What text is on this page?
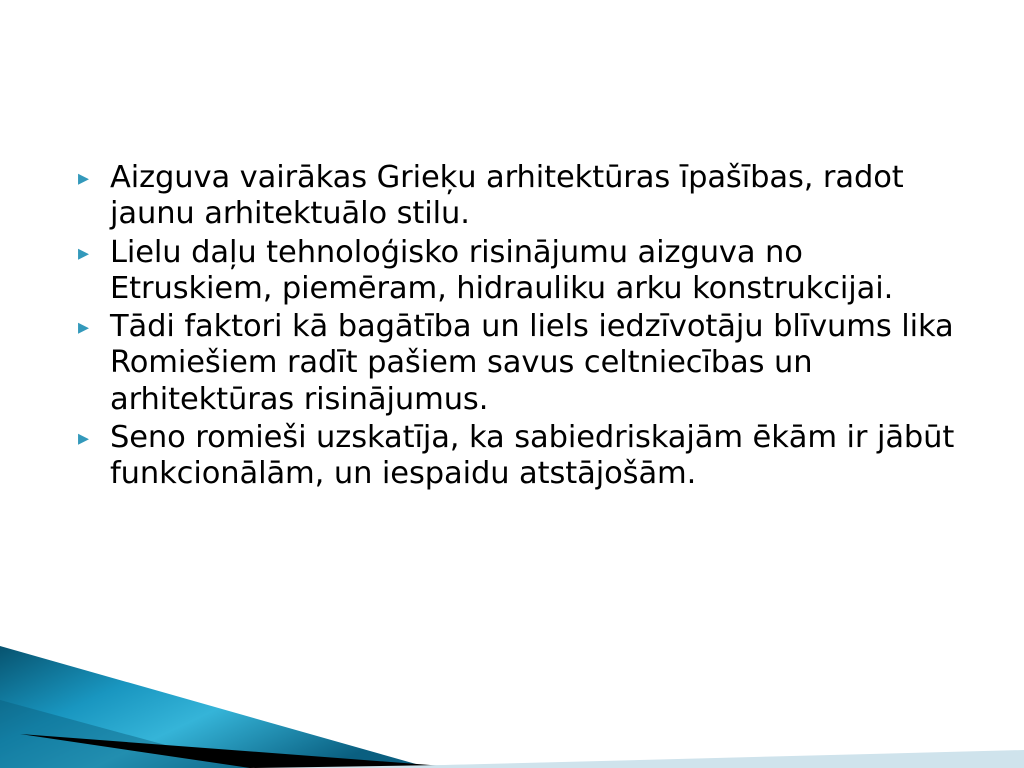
▸ Aizguva vairākas Grieķu arhitektūras īpašības, radot jaunu arhitektuālo stilu.
▸ Lielu daļu tehnoloģisko risinājumu aizguva no Etruskiem, piemēram, hidrauliku arku konstrukcijai.
▸ Tādi faktori kā bagātība un liels iedzīvotāju blīvums lika Romiešiem radīt pašiem savus celtniecības un arhitektūras risinājumus.
▸ Seno romieši uzskatīja, ka sabiedriskajām ēkām ir jābūt funkcionālām, un iespaidu atstājošām.
